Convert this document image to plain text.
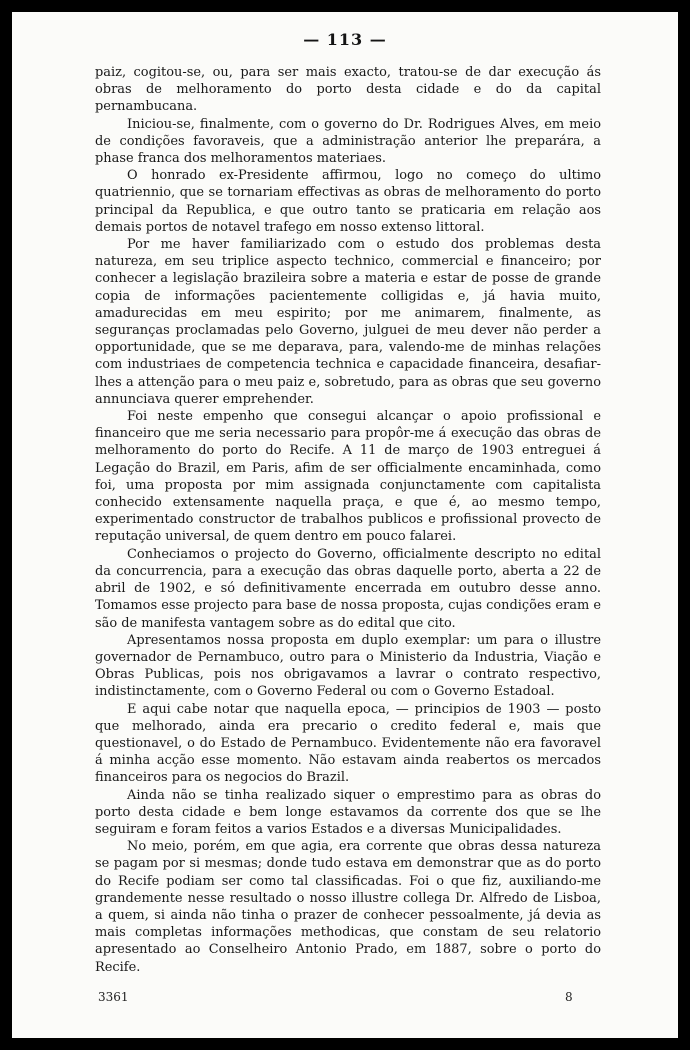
— 113 —

paiz, cogitou-se, ou, para ser mais exacto, tratou-se de dar execução ás obras de melhoramento do porto desta cidade e do da capital pernambucana.

Iniciou-se, finalmente, com o governo do Dr. Rodrigues Alves, em meio de condições favoraveis, que a administração anterior lhe preparára, a phase franca dos melhoramentos materiaes.

O honrado ex-Presidente affirmou, logo no começo do ultimo quatriennio, que se tornariam effectivas as obras de melhoramento do porto principal da Republica, e que outro tanto se praticaria em relação aos demais portos de notavel trafego em nosso extenso littoral.

Por me haver familiarizado com o estudo dos problemas desta natureza, em seu triplice aspecto technico, commercial e financeiro; por conhecer a legislação brazileira sobre a materia e estar de posse de grande copia de informações pacientemente colligidas e, já havia muito, amadurecidas em meu espirito; por me animarem, finalmente, as seguranças proclamadas pelo Governo, julguei de meu dever não perder a opportunidade, que se me deparava, para, valendo-me de minhas relações com industriaes de competencia technica e capacidade financeira, desafiar-lhes a attenção para o meu paiz e, sobretudo, para as obras que seu governo annunciava querer emprehender.

Foi neste empenho que consegui alcançar o apoio profissional e financeiro que me seria necessario para propôr-me á execução das obras de melhoramento do porto do Recife. A 11 de março de 1903 entreguei á Legação do Brazil, em Paris, afim de ser officialmente encaminhada, como foi, uma proposta por mim assignada conjunctamente com capitalista conhecido extensamente naquella praça, e que é, ao mesmo tempo, experimentado constructor de trabalhos publicos e profissional provecto de reputação universal, de quem dentro em pouco falarei.

Conheciamos o projecto do Governo, officialmente descripto no edital da concurrencia, para a execução das obras daquelle porto, aberta a 22 de abril de 1902, e só definitivamente encerrada em outubro desse anno. Tomamos esse projecto para base de nossa proposta, cujas condições eram e são de manifesta vantagem sobre as do edital que cito.

Apresentamos nossa proposta em duplo exemplar: um para o illustre governador de Pernambuco, outro para o Ministerio da Industria, Viação e Obras Publicas, pois nos obrigavamos a lavrar o contrato respectivo, indistinctamente, com o Governo Federal ou com o Governo Estadoal.

E aqui cabe notar que naquella epoca, — principios de 1903 — posto que melhorado, ainda era precario o credito federal e, mais que questionavel, o do Estado de Pernambuco. Evidentemente não era favoravel á minha acção esse momento. Não estavam ainda reabertos os mercados financeiros para os negocios do Brazil.

Ainda não se tinha realizado siquer o emprestimo para as obras do porto desta cidade e bem longe estavamos da corrente dos que se lhe seguiram e foram feitos a varios Estados e a diversas Municipalidades.

No meio, porém, em que agia, era corrente que obras dessa natureza se pagam por si mesmas; donde tudo estava em demonstrar que as do porto do Recife podiam ser como tal classificadas. Foi o que fiz, auxiliando-me grandemente nesse resultado o nosso illustre collega Dr. Alfredo de Lisboa, a quem, si ainda não tinha o prazer de conhecer pessoalmente, já devia as mais completas informações methodicas, que constam de seu relatorio apresentado ao Conselheiro Antonio Prado, em 1887, sobre o porto do Recife.

3361	8
